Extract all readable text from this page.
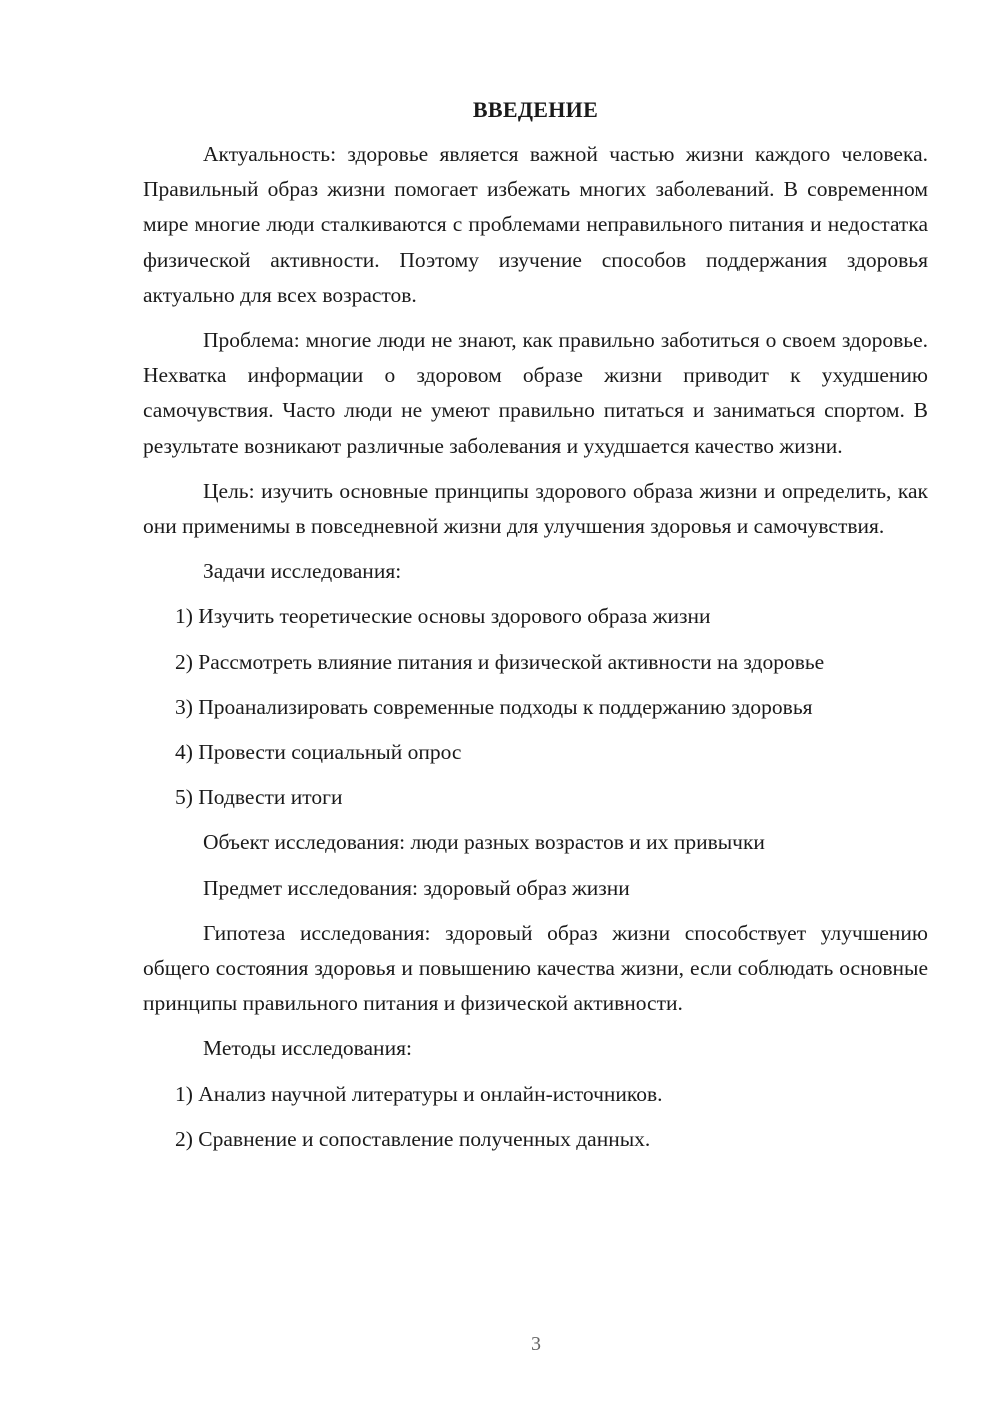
ВВЕДЕНИЕ

Актуальность: здоровье является важной частью жизни каждого человека. Правильный образ жизни помогает избежать многих заболеваний. В современном мире многие люди сталкиваются с проблемами неправильного питания и недостатка физической активности. Поэтому изучение способов поддержания здоровья актуально для всех возрастов.

Проблема: многие люди не знают, как правильно заботиться о своем здоровье. Нехватка информации о здоровом образе жизни приводит к ухудшению самочувствия. Часто люди не умеют правильно питаться и заниматься спортом. В результате возникают различные заболевания и ухудшается качество жизни.

Цель: изучить основные принципы здорового образа жизни и определить, как они применимы в повседневной жизни для улучшения здоровья и самочувствия.

Задачи исследования:
1) Изучить теоретические основы здорового образа жизни
2) Рассмотреть влияние питания и физической активности на здоровье
3) Проанализировать современные подходы к поддержанию здоровья
4) Провести социальный опрос
5) Подвести итоги
Объект исследования: люди разных возрастов и их привычки
Предмет исследования: здоровый образ жизни

Гипотеза исследования: здоровый образ жизни способствует улучшению общего состояния здоровья и повышению качества жизни, если соблюдать основные принципы правильного питания и физической активности.

Методы исследования:
1) Анализ научной литературы и онлайн-источников.
2) Сравнение и сопоставление полученных данных.
3
